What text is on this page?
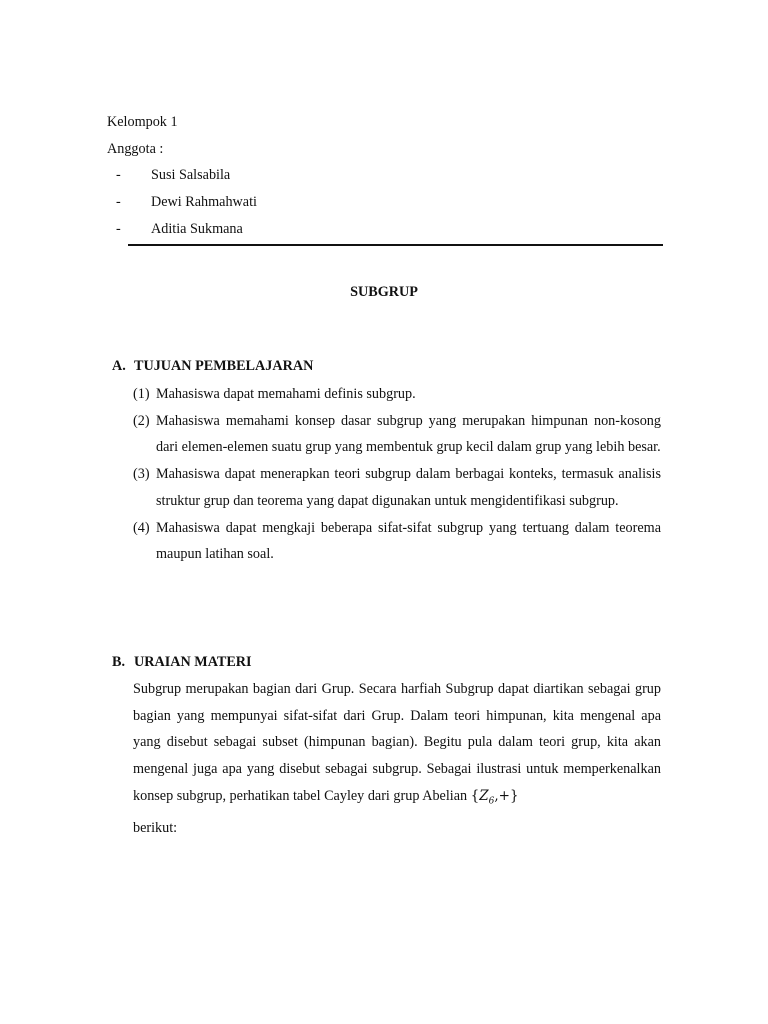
Kelompok 1
Anggota :
- Susi Salsabila
- Dewi Rahmahwati
- Aditia Sukmana
SUBGRUP
A. TUJUAN PEMBELAJARAN
(1) Mahasiswa dapat memahami definis subgrup.
(2) Mahasiswa memahami konsep dasar subgrup yang merupakan himpunan non-kosong dari elemen-elemen suatu grup yang membentuk grup kecil dalam grup yang lebih besar.
(3) Mahasiswa dapat menerapkan teori subgrup dalam berbagai konteks, termasuk analisis struktur grup dan teorema yang dapat digunakan untuk mengidentifikasi subgrup.
(4) Mahasiswa dapat mengkaji beberapa sifat-sifat subgrup yang tertuang dalam teorema maupun latihan soal.
B. URAIAN MATERI

Subgrup merupakan bagian dari Grup. Secara harfiah Subgrup dapat diartikan sebagai grup bagian yang mempunyai sifat-sifat dari Grup. Dalam teori himpunan, kita mengenal apa yang disebut sebagai subset (himpunan bagian). Begitu pula dalam teori grup, kita akan mengenal juga apa yang disebut sebagai subgrup. Sebagai ilustrasi untuk memperkenalkan konsep subgrup, perhatikan tabel Cayley dari grup Abelian $\{Z_6,+\}$
berikut:
